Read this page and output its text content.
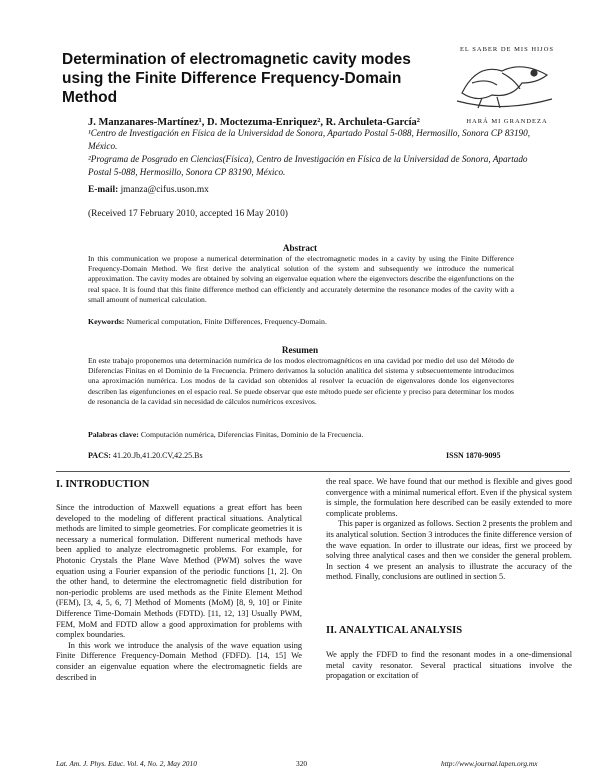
Determination of electromagnetic cavity modes using the Finite Difference Frequency-Domain Method
EL SABER DE MIS HIJOS
HARÁ MI GRANDEZA
J. Manzanares-Martínez¹, D. Moctezuma-Enriquez², R. Archuleta-García²
¹Centro de Investigación en Física de la Universidad de Sonora, Apartado Postal 5-088, Hermosillo, Sonora CP 83190, México.
²Programa de Posgrado en Ciencias(Física), Centro de Investigación en Física de la Universidad de Sonora, Apartado Postal 5-088, Hermosillo, Sonora CP 83190, México.
E-mail: jmanza@cifus.uson.mx
(Received 17 February 2010, accepted 16 May 2010)
Abstract
In this communication we propose a numerical determination of the electromagnetic modes in a cavity by using the Finite Difference Frequency-Domain Method. We first derive the analytical solution of the system and subsequently we introduce the numerical approximation. The cavity modes are obtained by solving an eigenvalue equation where the eigenvectors describe the eigenfunctions on the real space. It is found that this finite difference method can efficiently and accurately determine the resonance modes of the cavity with a small amount of numerical calculation.
Keywords: Numerical computation, Finite Differences, Frequency-Domain.
Resumen
En este trabajo proponemos una determinación numérica de los modos electromagnéticos en una cavidad por medio del uso del Método de Diferencias Finitas en el Dominio de la Frecuencia. Primero derivamos la solución analítica del sistema y subsecuentemente introducimos una aproximación numérica. Los modos de la cavidad son obtenidos al resolver la ecuación de eigenvalores donde los eigenvectores describen las eigenfunciones en el espacio real. Se puede observar que este método puede ser eficiente y preciso para determinar los modos de resonancia de la cavidad sin necesidad de cálculos numéricos excesivos.
Palabras clave: Computación numérica, Diferencias Finitas, Dominio de la Frecuencia.
PACS: 41.20.Jb,41.20.CV,42.25.Bs	ISSN 1870-9095
I. INTRODUCTION

Since the introduction of Maxwell equations a great effort has been developed to the modeling of different practical situations. Analytical methods are limited to simple geometries. For complicate geometries it is necessary a numerical formulation. Different numerical methods have been applied to analyze electromagnetic problems. For example, for Photonic Crystals the Plane Wave Method (PWM) solves the wave equation using a Fourier expansion of the periodic functions [1, 2]. On the other hand, to determine the electromagnetic field distribution for non-periodic problems are used methods as the Finite Element Method (FEM), [3, 4, 5, 6, 7] Method of Moments (MoM) [8, 9, 10] or Finite Difference Time-Domain Methods (FDTD). [11, 12, 13] Usually PWM, FEM, MoM and FDTD allow a good approximation for problems with complex boundaries.

In this work we introduce the analysis of the wave equation using Finite Difference Frequency-Domain Method (FDFD). [14, 15] We consider an eigenvalue equation where the electromagnetic fields are described in

the real space. We have found that our method is flexible and gives good convergence with a minimal numerical effort. Even if the physical system is simple, the formulation here described can be easily extended to more complicate problems.

This paper is organized as follows. Section 2 presents the problem and its analytical solution. Section 3 introduces the finite difference version of the wave equation. In order to illustrate our ideas, first we proceed by solving three analytical cases and then we consider the general problem. In section 4 we present an analysis to illustrate the accuracy of the method. Finally, conclusions are outlined in section 5.

II. ANALYTICAL ANALYSIS

We apply the FDFD to find the resonant modes in a one-dimensional metal cavity resonator. Several practical situations involve the propagation or excitation of

Lat. Am. J. Phys. Educ. Vol. 4, No. 2, May 2010	320	http://www.journal.lapen.org.mx
